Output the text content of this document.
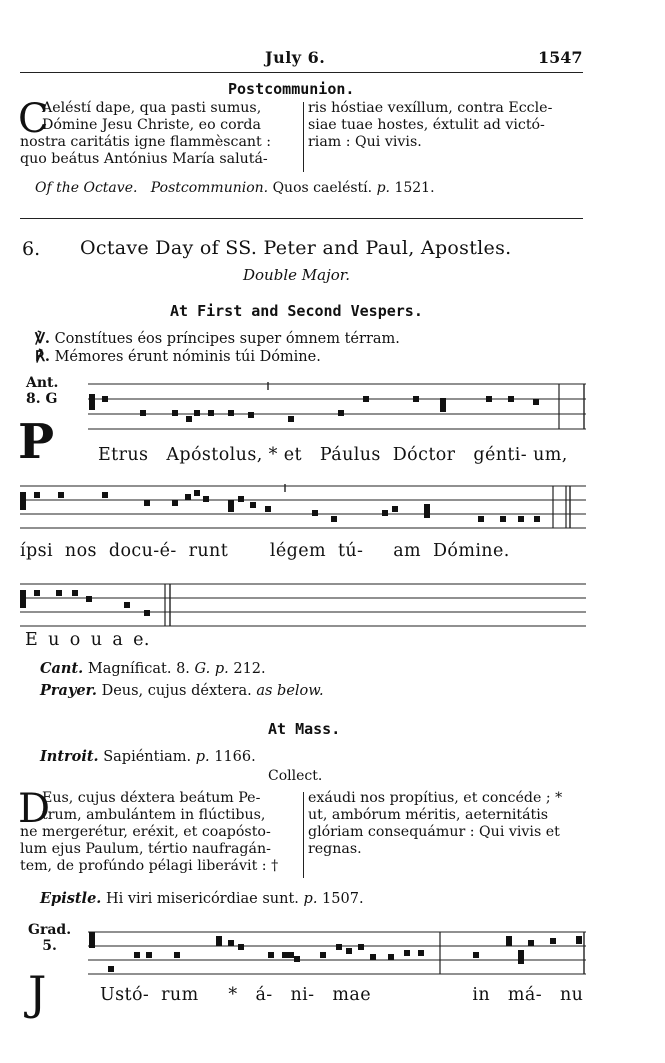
July 6.	1547
Postcommunion.
C
Aeléstí dape, qua pasti sumus,
Dómine Jesu Christe, eo corda
nostra caritátis igne flammèscant :
quo beátus Antónius María salutá-
ris hóstiae vexíllum, contra Eccle-
siae tuae hostes, éxtulit ad victó-
riam : Qui vivis.
Of the Octave. Postcommunion. Quos caeléstí. p. 1521.
6. Octave Day of SS. Peter and Paul, Apostles.
Double Major.
At First and Second Vespers.
℣. Constítues éos príncipes super ómnem térram.
℟. Mémores érunt nóminis túi Dómine.
Ant.
8. G
P	Etrus Apóstolus, * et Páulus Dóctor génti- um,
ípsi nos docu-é- runt légem tú- am Dómine.
E u o u a e.
Cant. Magníficat. 8. G. p. 212.
Prayer. Deus, cujus déxtera. as below.
At Mass.
Introit. Sapiéntiam. p. 1166.
Collect.
D
Eus, cujus déxtera beátum Pe-
trum, ambulántem in flúctibus,
ne mergerétur, eréxit, et coapósto-
lum ejus Paulum, tértio naufragán-
tem, de profúndo pélagi liberávit : †
exáudi nos propítius, et concéde ; *
ut, ambórum méritis, aeternitátis
glóriam consequámur : Qui vivis et
regnas.
Epistle. Hi viri misericórdiae sunt. p. 1507.
Grad.
5.
J	Ustó- rum * á- ni- mae	in má- nu
